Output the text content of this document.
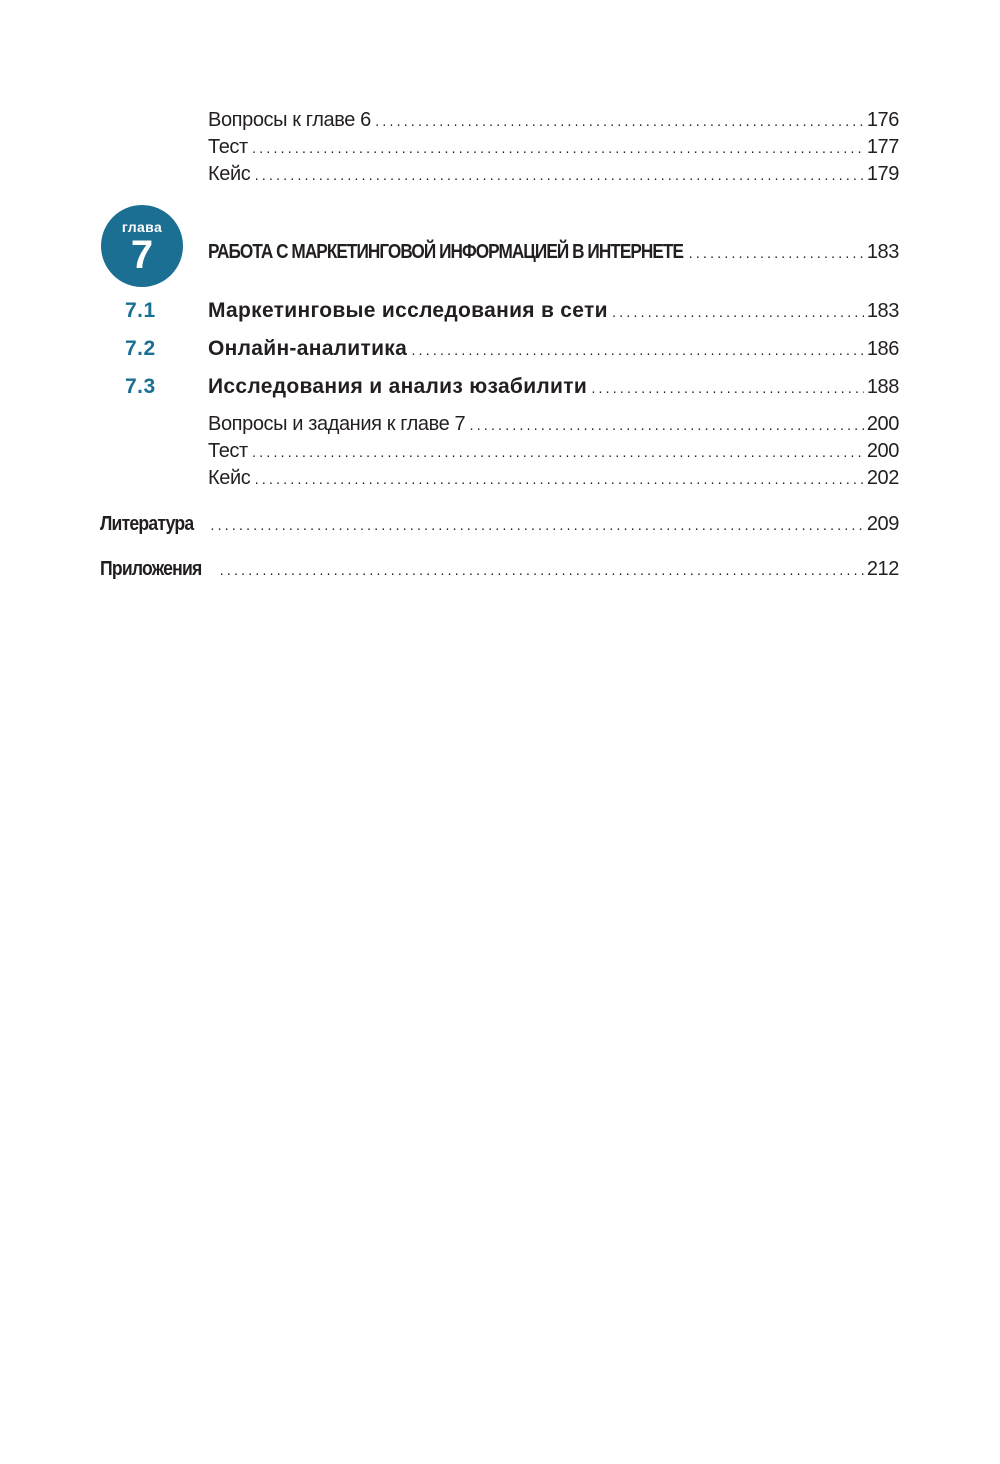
Вопросы к главе 6 .....	176
Тест .....	177
Кейс .....	179
глава
7	РАБОТА С МАРКЕТИНГОВОЙ ИНФОРМАЦИЕЙ В ИНТЕРНЕТЕ .....	183
7.1 Маркетинговые исследования в сети .....	183
7.2 Онлайн-аналитика .....	186
7.3 Исследования и анализ юзабилити .....	188
Вопросы и задания к главе 7 .....	200
Тест .....	200
Кейс .....	202
Литература .....	209
Приложения .....	212
